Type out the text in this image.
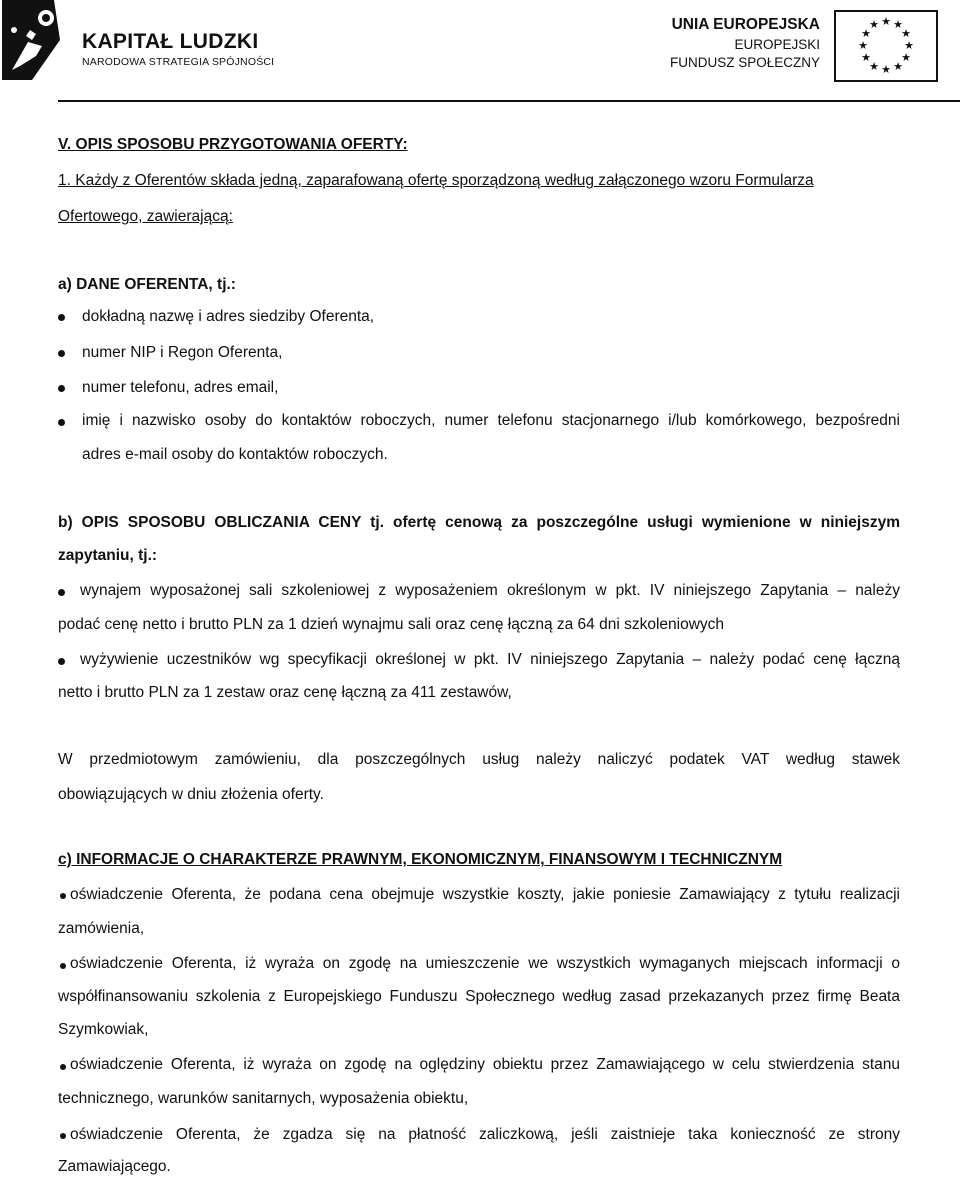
KAPITAŁ LUDZKI
NARODOWA STRATEGIA SPÓJNOŚCI
UNIA EUROPEJSKA
EUROPEJSKI
FUNDUSZ SPOŁECZNY
★ ★
★
★
★
★
★
★
★
★
★
★
V. OPIS SPOSOBU PRZYGOTOWANIA OFERTY:
1. Każdy z Oferentów składa jedną, zaparafowaną ofertę sporządzoną według załączonego wzoru Formularza
Ofertowego, zawierającą:
a) DANE OFERENTA, tj.:
dokładną nazwę i adres siedziby Oferenta,
numer NIP i Regon Oferenta,
numer telefonu, adres email,
imię i nazwisko osoby do kontaktów roboczych, numer telefonu stacjonarnego i/lub komórkowego, bezpośredni
adres e-mail osoby do kontaktów roboczych.
b) OPIS SPOSOBU OBLICZANIA CENY tj. ofertę cenową za poszczególne usługi wymienione w niniejszym
zapytaniu, tj.:
wynajem wyposażonej sali szkoleniowej z wyposażeniem określonym w pkt. IV niniejszego Zapytania – należy
podać cenę netto i brutto PLN za 1 dzień wynajmu sali oraz cenę łączną za 64 dni szkoleniowych
wyżywienie uczestników wg specyfikacji określonej w pkt. IV niniejszego Zapytania – należy podać cenę łączną
netto i brutto PLN za 1 zestaw oraz cenę łączną za 411 zestawów,
W przedmiotowym zamówieniu, dla poszczególnych usług należy naliczyć podatek VAT według stawek
obowiązujących w dniu złożenia oferty.
c) INFORMACJE O CHARAKTERZE PRAWNYM, EKONOMICZNYM, FINANSOWYM I TECHNICZNYM
oświadczenie Oferenta, że podana cena obejmuje wszystkie koszty, jakie poniesie Zamawiający z tytułu realizacji
zamówienia,
oświadczenie Oferenta, iż wyraża on zgodę na umieszczenie we wszystkich wymaganych miejscach informacji o
współfinansowaniu szkolenia z Europejskiego Funduszu Społecznego według zasad przekazanych przez firmę Beata
Szymkowiak,
oświadczenie Oferenta, iż wyraża on zgodę na oględziny obiektu przez Zamawiającego w celu stwierdzenia stanu
technicznego, warunków sanitarnych, wyposażenia obiektu,
oświadczenie Oferenta, że zgadza się na płatność zaliczkową, jeśli zaistnieje taka konieczność ze strony
Zamawiającego.
